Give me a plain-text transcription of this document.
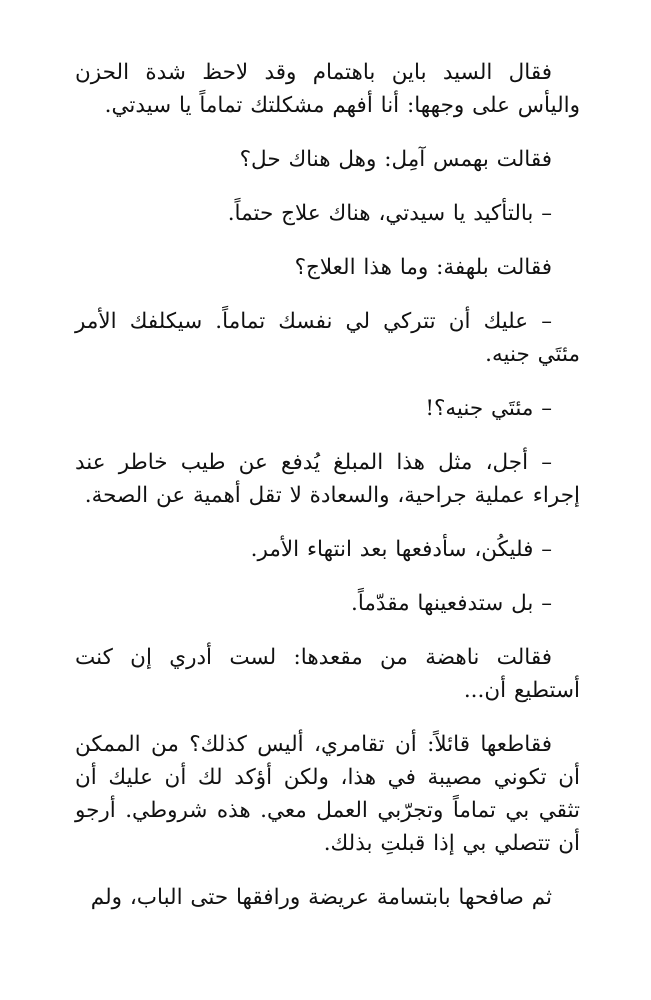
فقال السيد باين باهتمام وقد لاحظ شدة الحزن واليأس على وجهها: أنا أفهم مشكلتك تماماً يا سيدتي.

فقالت بهمس آمِل: وهل هناك حل؟

– بالتأكيد يا سيدتي، هناك علاج حتماً.

فقالت بلهفة: وما هذا العلاج؟

– عليك أن تتركي لي نفسك تماماً. سيكلفك الأمر مئتَي جنيه.

– مئتَي جنيه؟!

– أجل، مثل هذا المبلغ يُدفع عن طيب خاطر عند إجراء عملية جراحية، والسعادة لا تقل أهمية عن الصحة.

– فليكُن، سأدفعها بعد انتهاء الأمر.

– بل ستدفعينها مقدّماً.

فقالت ناهضة من مقعدها: لست أدري إن كنت أستطيع أن...

فقاطعها قائلاً: أن تقامري، أليس كذلك؟ من الممكن أن تكوني مصيبة في هذا، ولكن أؤكد لك أن عليك أن تثقي بي تماماً وتجرّبي العمل معي. هذه شروطي. أرجو أن تتصلي بي إذا قبلتِ بذلك.

ثم صافحها بابتسامة عريضة ورافقها حتى الباب، ولم
